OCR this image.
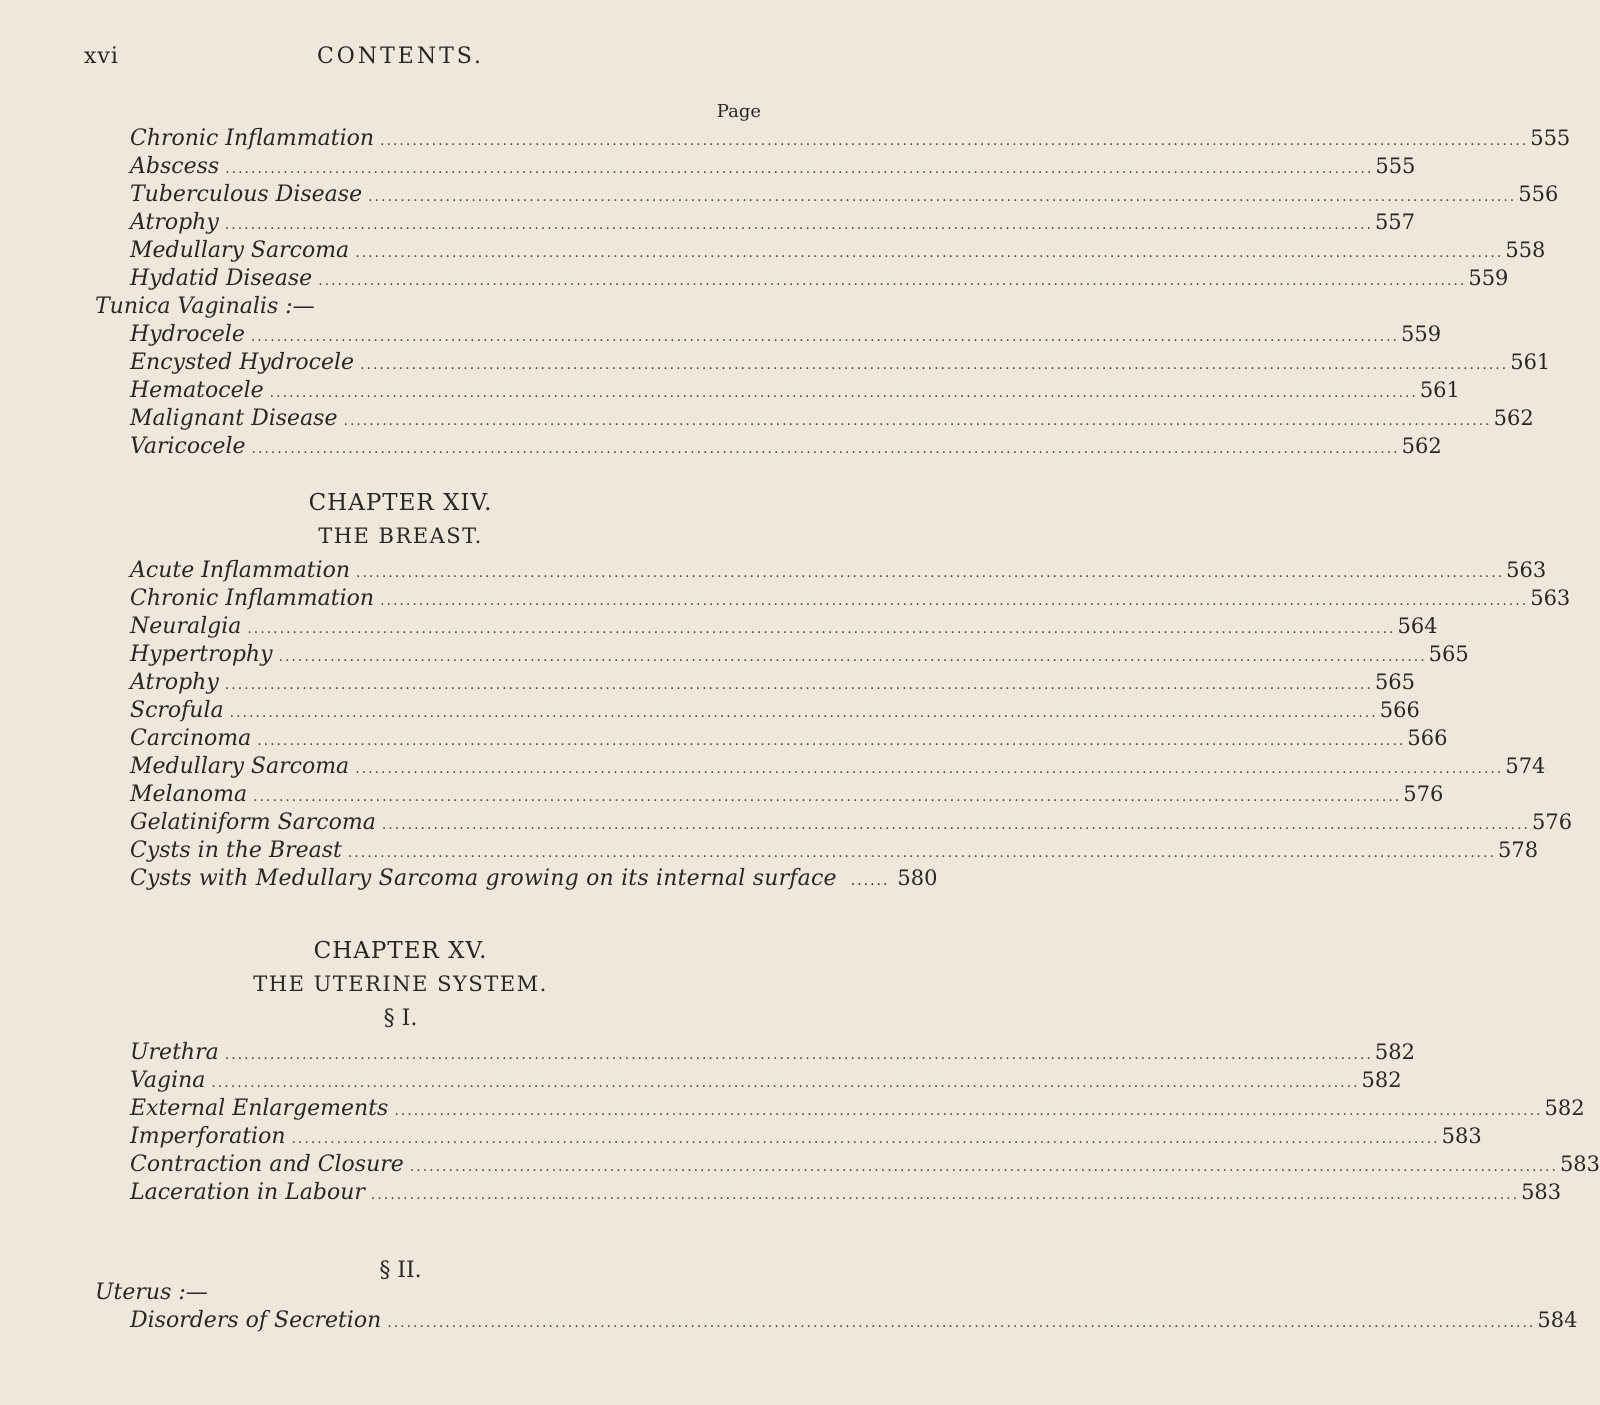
xvi	CONTENTS.
Page
Chronic Inflammation .....	555
Abscess .....	555
Tuberculous Disease .....	556
Atrophy .....	557
Medullary Sarcoma .....	558
Hydatid Disease .....	559
Tunica Vaginalis :—
Hydrocele .....	559
Encysted Hydrocele .....	561
Hematocele .....	561
Malignant Disease .....	562
Varicocele .....	562
CHAPTER XIV.
THE BREAST.
Acute Inflammation .....	563
Chronic Inflammation .....	563
Neuralgia .....	564
Hypertrophy .....	565
Atrophy .....	565
Scrofula .....	566
Carcinoma .....	566
Medullary Sarcoma .....	574
Melanoma .....	576
Gelatiniform Sarcoma .....	576
Cysts in the Breast .....	578
Cysts with Medullary Sarcoma growing on its internal surface ...... 580
CHAPTER XV.
THE UTERINE SYSTEM.
§ I.
Urethra .....	582
Vagina .....	582
External Enlargements .....	582
Imperforation .....	583
Contraction and Closure .....	583
Laceration in Labour .....	583
§ II.
Uterus :—
Disorders of Secretion .....	584
